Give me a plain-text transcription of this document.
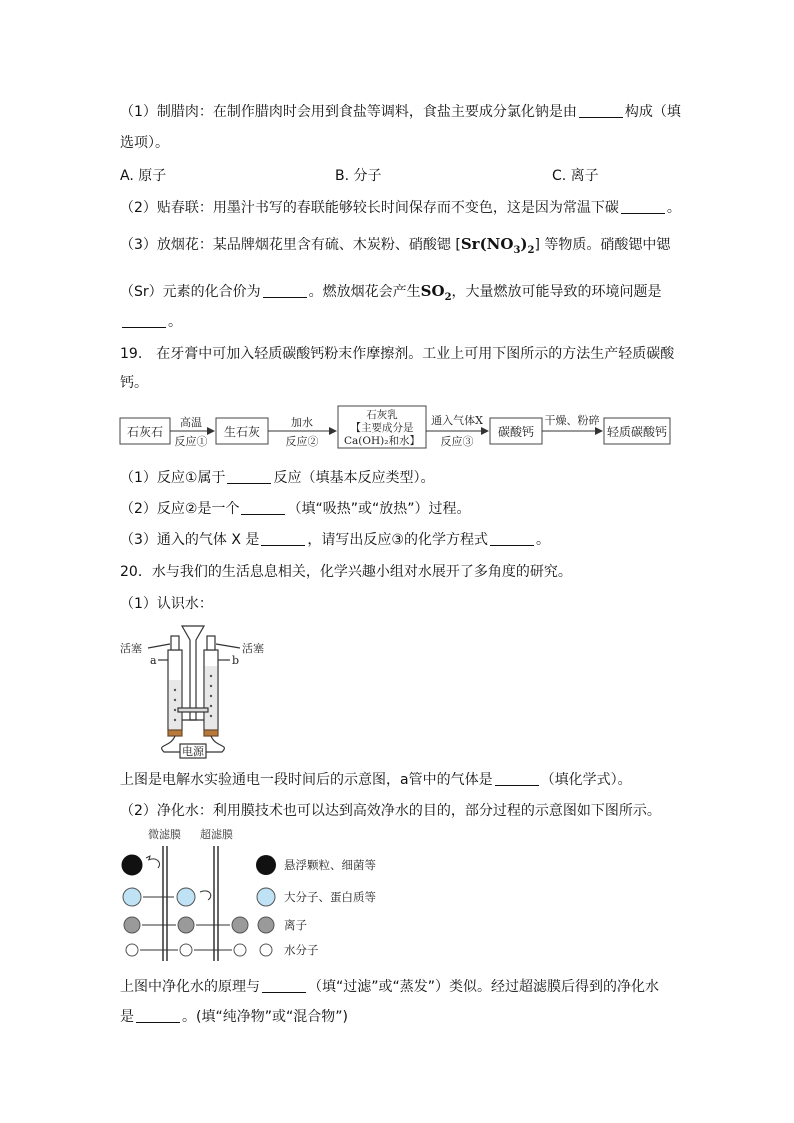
（1）制腊肉：在制作腊肉时会用到食盐等调料，食盐主要成分氯化钠是由	构成（填
选项）。
A. 原子	B. 分子	C. 离子
（2）贴春联：用墨汁书写的春联能够较长时间保存而不变色，这是因为常温下碳	。
（3）放烟花：某品牌烟花里含有硫、木炭粉、硝酸锶 $[Sr(NO_3)_2]$ 等物质。硝酸锶中锶
（Sr）元素的化合价为	。燃放烟花会产生$SO_2$，大量燃放可能导致的环境问题是
。
19.　在牙膏中可加入轻质碳酸钙粉末作摩擦剂。工业上可用下图所示的方法生产轻质碳酸
钙。
石灰石
高温
反应①
生石灰
加水
反应②
石灰乳
【主要成分是
Ca(OH)₂和水】
通入气体X
反应③
碳酸钙
干燥、粉碎
轻质碳酸钙
（1）反应①属于	反应（填基本反应类型）。
（2）反应②是一个	（填“吸热”或“放热”）过程。
（3）通入的气体 X 是	，请写出反应③的化学方程式	。
20．水与我们的生活息息相关，化学兴趣小组对水展开了多角度的研究。
（1）认识水：
活塞	活塞
a	b
电源
上图是电解水实验通电一段时间后的示意图，a管中的气体是	（填化学式）。
（2）净化水：利用膜技术也可以达到高效净水的目的，部分过程的示意图如下图所示。
微滤膜 超滤膜
悬浮颗粒、细菌等
大分子、蛋白质等
离子
水分子
上图中净化水的原理与	（填“过滤”或“蒸发”）类似。经过超滤膜后得到的净化水
是	。(填“纯净物”或“混合物”)
